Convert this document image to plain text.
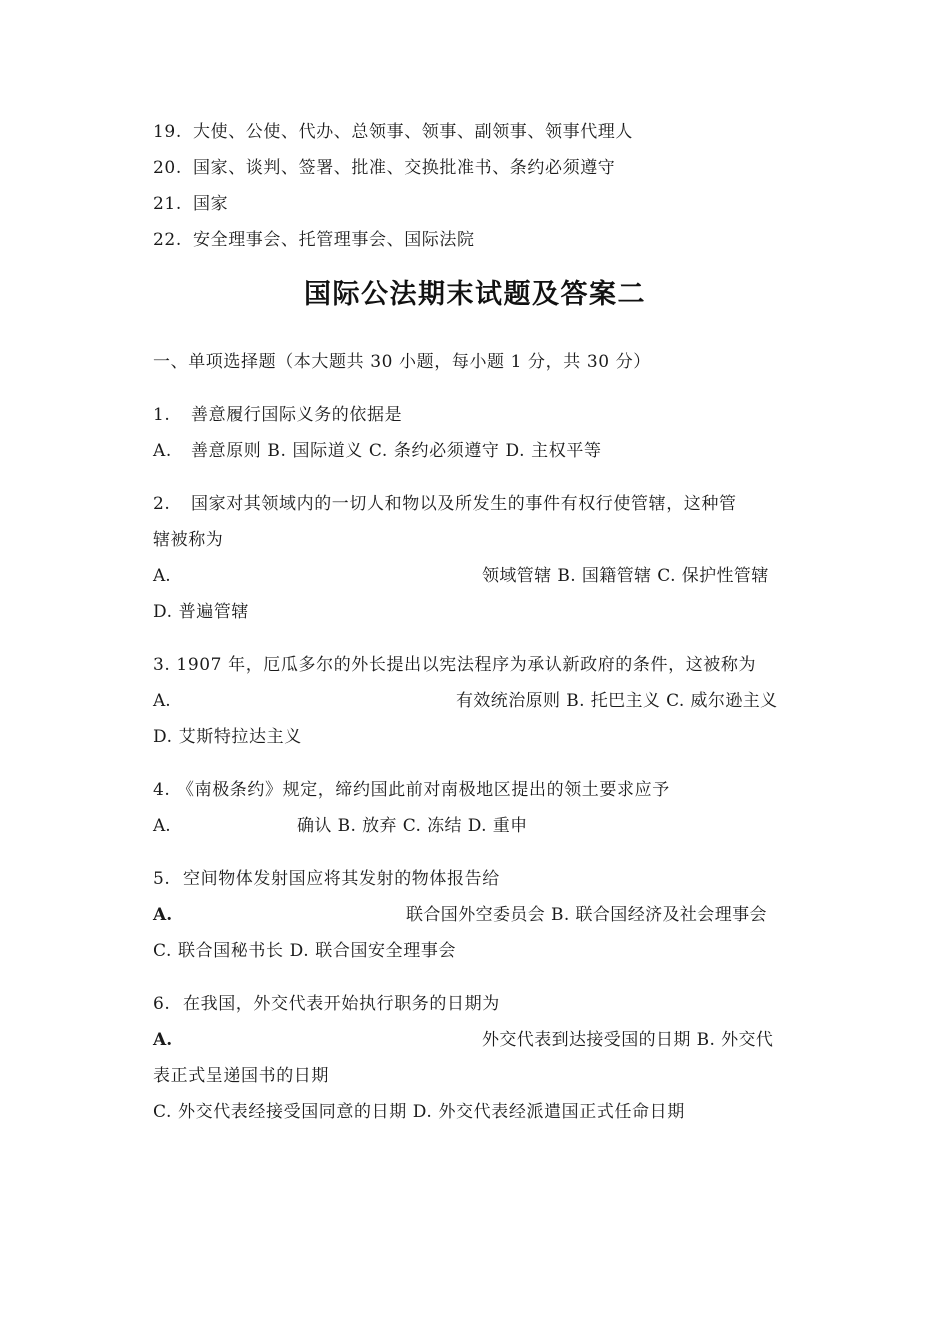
19. 大使、公使、代办、总领事、领事、副领事、领事代理人
20. 国家、谈判、签署、批准、交换批准书、条约必须遵守
21. 国家
22. 安全理事会、托管理事会、国际法院
国际公法期末试题及答案二
一、单项选择题（本大题共 30 小题，每小题 1 分，共 30 分）
1. 善意履行国际义务的依据是
A. 善意原则 B. 国际道义 C. 条约必须遵守 D. 主权平等
2. 国家对其领域内的一切人和物以及所发生的事件有权行使管辖，这种管
辖被称为
A.	领域管辖 B. 国籍管辖 C. 保护性管辖
D. 普遍管辖
3. 1907 年，厄瓜多尔的外长提出以宪法程序为承认新政府的条件，这被称为
A.	有效统治原则 B. 托巴主义 C. 威尔逊主义
D. 艾斯特拉达主义
4. 《南极条约》规定，缔约国此前对南极地区提出的领土要求应予
A.	确认 B. 放弃 C. 冻结 D. 重申
5. 空间物体发射国应将其发射的物体报告给
A.	联合国外空委员会 B. 联合国经济及社会理事会
C. 联合国秘书长 D. 联合国安全理事会
6. 在我国，外交代表开始执行职务的日期为
A.	外交代表到达接受国的日期 B. 外交代
表正式呈递国书的日期
C. 外交代表经接受国同意的日期 D. 外交代表经派遣国正式任命日期
